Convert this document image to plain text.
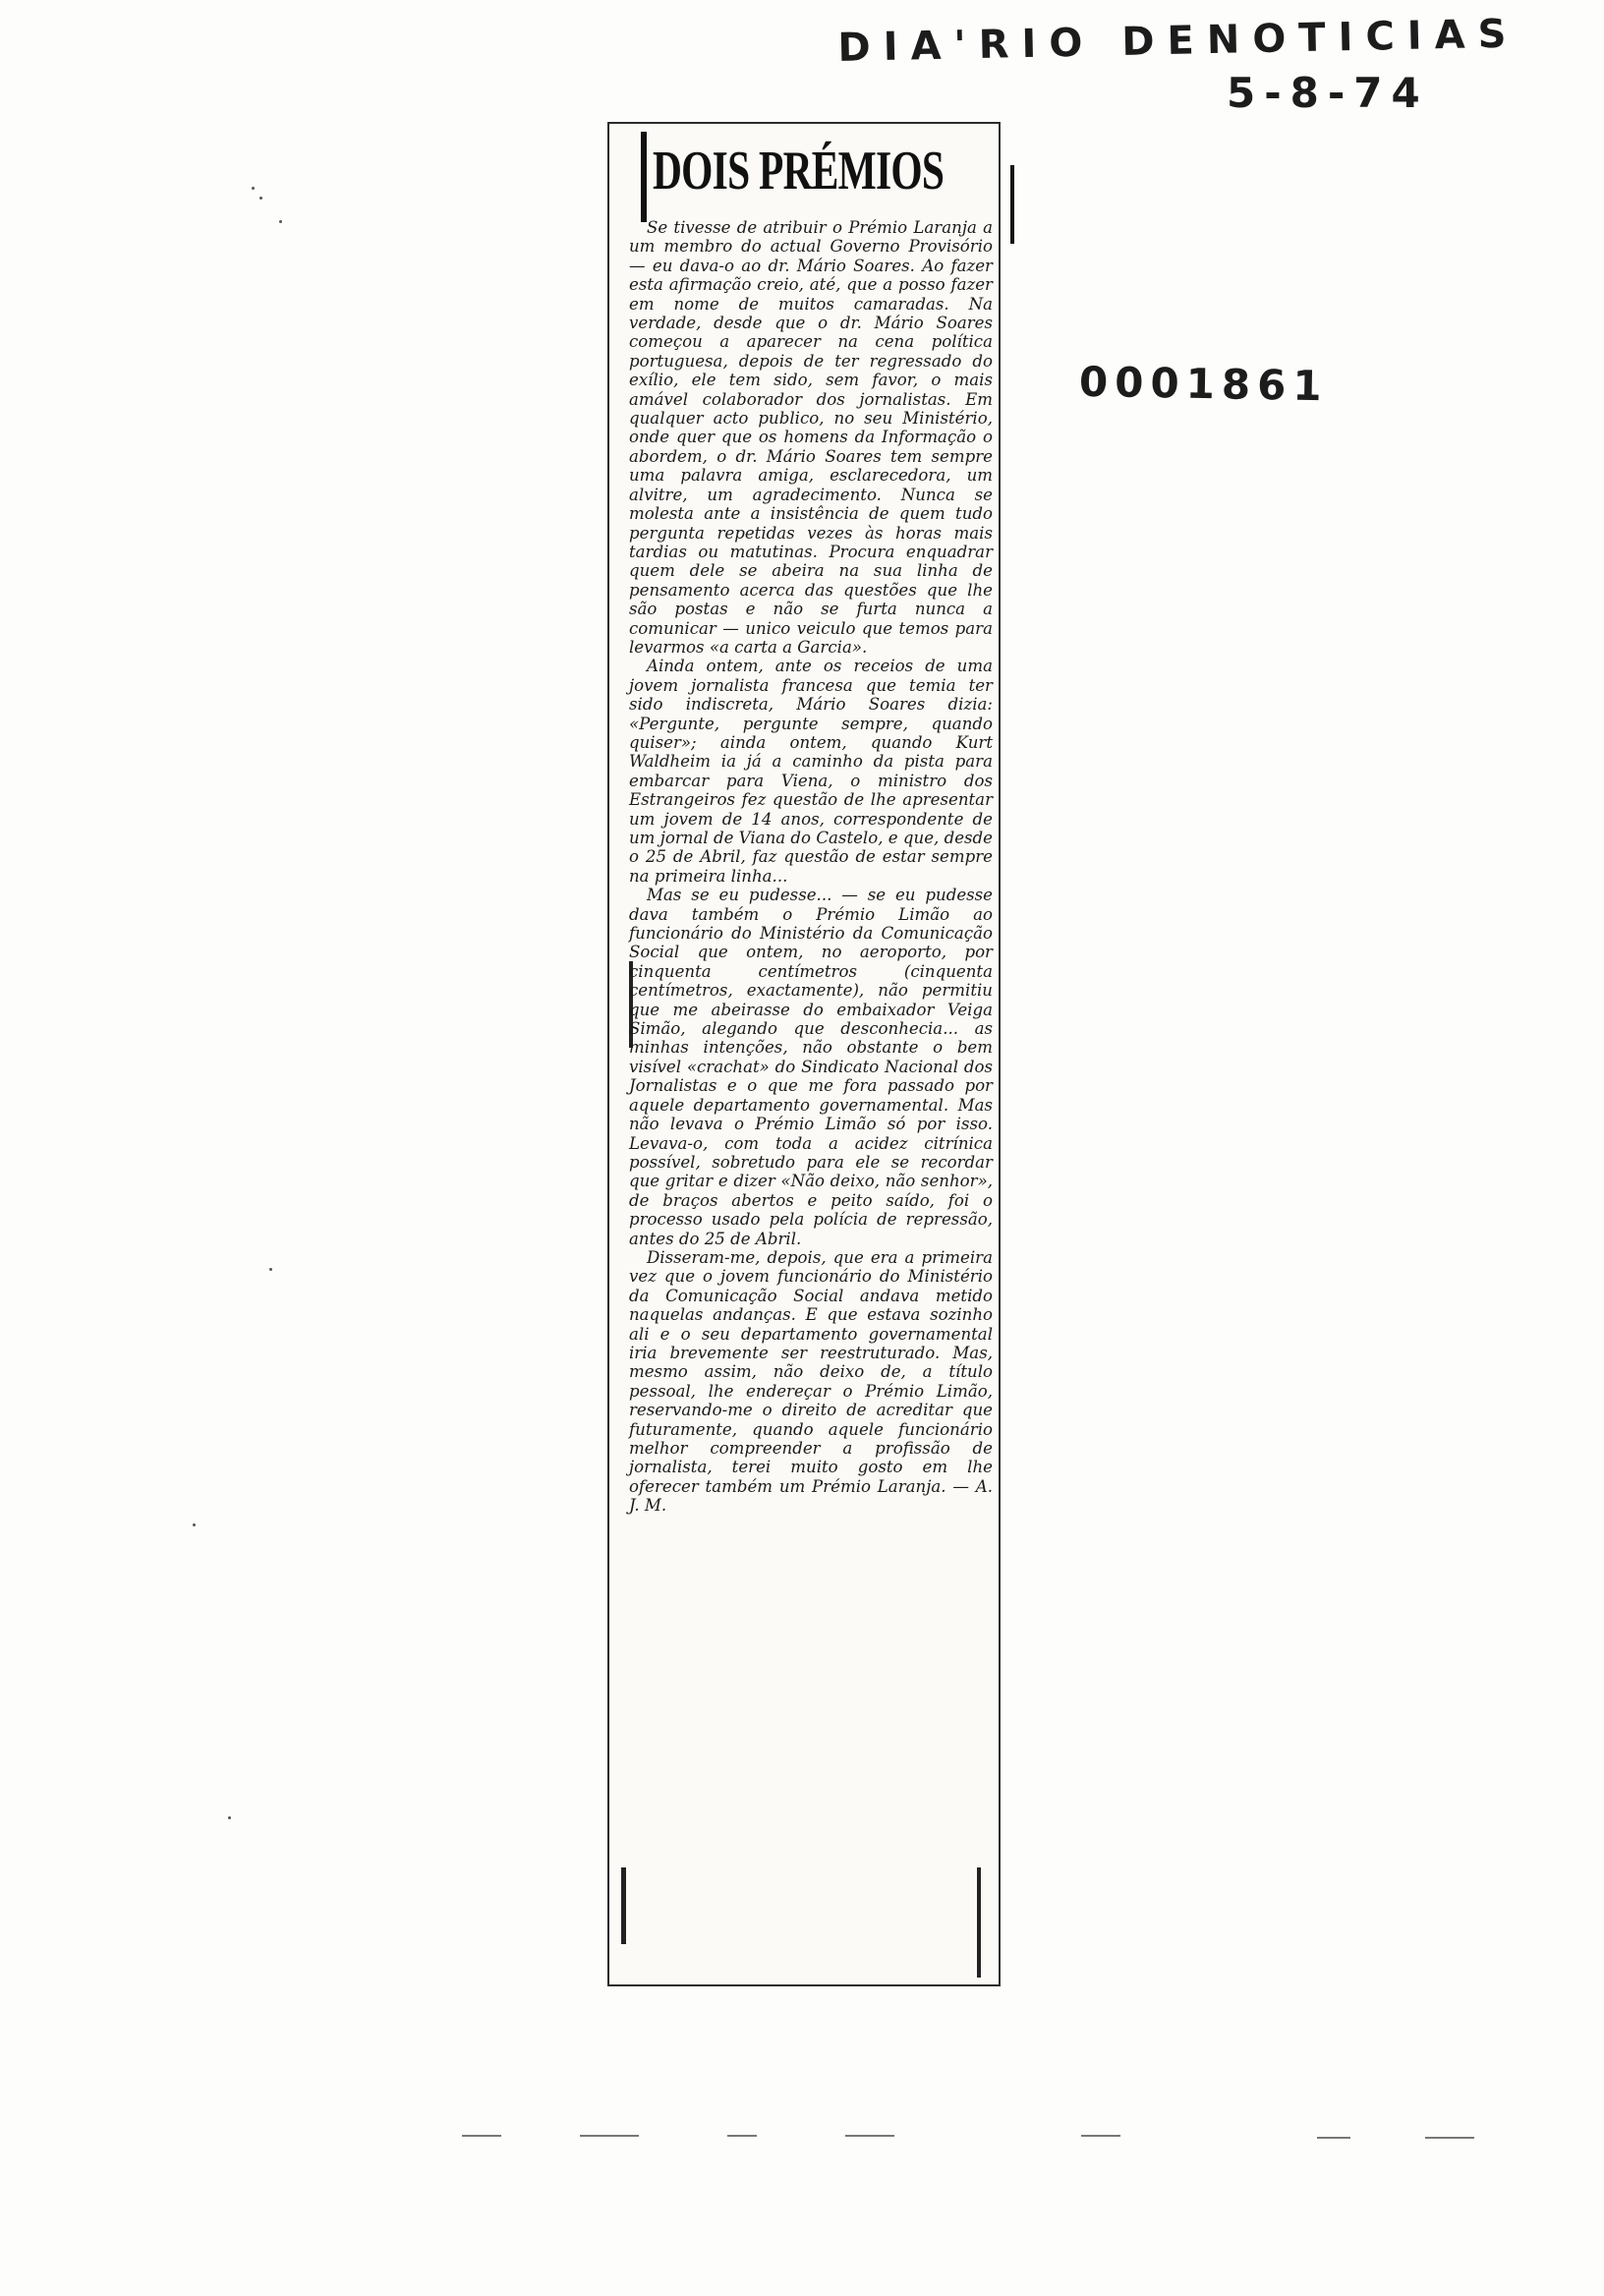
DIA'RIO DENOTICIAS
5-8-74
0001861
DOIS PRÉMIOS

Se tivesse de atribuir o Prémio Laranja a um membro do actual Governo Provisório — eu dava-o ao dr. Mário Soares. Ao fazer esta afirmação creio, até, que a posso fazer em nome de muitos camaradas. Na verdade, desde que o dr. Mário Soares começou a aparecer na cena política portuguesa, depois de ter regressado do exílio, ele tem sido, sem favor, o mais amável colaborador dos jornalistas. Em qualquer acto publico, no seu Ministério, onde quer que os homens da Informação o abordem, o dr. Mário Soares tem sempre uma palavra amiga, esclarecedora, um alvitre, um agradecimento. Nunca se molesta ante a insistência de quem tudo pergunta repetidas vezes às horas mais tardias ou matutinas. Procura enquadrar quem dele se abeira na sua linha de pensamento acerca das questões que lhe são postas e não se furta nunca a comunicar — unico veiculo que temos para levarmos «a carta a Garcia».

Ainda ontem, ante os receios de uma jovem jornalista francesa que temia ter sido indiscreta, Mário Soares dizia: «Pergunte, pergunte sempre, quando quiser»; ainda ontem, quando Kurt Waldheim ia já a caminho da pista para embarcar para Viena, o ministro dos Estrangeiros fez questão de lhe apresentar um jovem de 14 anos, correspondente de um jornal de Viana do Castelo, e que, desde o 25 de Abril, faz questão de estar sempre na primeira linha...

Mas se eu pudesse... — se eu pudesse dava também o Prémio Limão ao funcionário do Ministério da Comunicação Social que ontem, no aeroporto, por cinquenta centímetros (cinquenta centímetros, exactamente), não permitiu que me abeirasse do embaixador Veiga Simão, alegando que desconhecia... as minhas intenções, não obstante o bem visível «crachat» do Sindicato Nacional dos Jornalistas e o que me fora passado por aquele departamento governamental. Mas não levava o Prémio Limão só por isso. Levava-o, com toda a acidez citrínica possível, sobretudo para ele se recordar que gritar e dizer «Não deixo, não senhor», de braços abertos e peito saído, foi o processo usado pela polícia de repressão, antes do 25 de Abril.

Disseram-me, depois, que era a primeira vez que o jovem funcionário do Ministério da Comunicação Social andava metido naquelas andanças. E que estava sozinho ali e o seu departamento governamental iria brevemente ser reestruturado. Mas, mesmo assim, não deixo de, a título pessoal, lhe endereçar o Prémio Limão, reservando-me o direito de acreditar que futuramente, quando aquele funcionário melhor compreender a profissão de jornalista, terei muito gosto em lhe oferecer também um Prémio Laranja. — A. J. M.
